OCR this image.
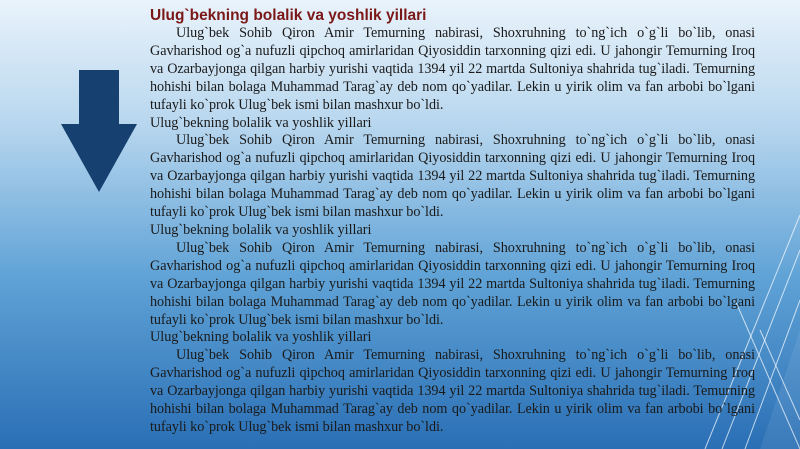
Ulug`bekning bolalik va yoshlik yillari

Ulug`bek Sohib Qiron Amir Temurning nabirasi, Shoxruhning to`ng`ich o`g`li bo`lib, onasi Gavharishod og`a nufuzli qipchoq amirlaridan Qiyosiddin tarxonning qizi edi. U jahongir Temurning Iroq va Ozarbayjonga qilgan harbiy yurishi vaqtida 1394 yil 22 martda Sultoniya shahrida tug`iladi. Temurning hohishi bilan bolaga Muhammad Tarag`ay deb nom qo`yadilar. Lekin u yirik olim va fan arbobi bo`lgani tufayli ko`prok Ulug`bek ismi bilan mashxur bo`ldi.

Ulug`bekning bolalik va yoshlik yillari

Ulug`bek Sohib Qiron Amir Temurning nabirasi, Shoxruhning to`ng`ich o`g`li bo`lib, onasi Gavharishod og`a nufuzli qipchoq amirlaridan Qiyosiddin tarxonning qizi edi. U jahongir Temurning Iroq va Ozarbayjonga qilgan harbiy yurishi vaqtida 1394 yil 22 martda Sultoniya shahrida tug`iladi. Temurning hohishi bilan bolaga Muhammad Tarag`ay deb nom qo`yadilar. Lekin u yirik olim va fan arbobi bo`lgani tufayli ko`prok Ulug`bek ismi bilan mashxur bo`ldi.

Ulug`bekning bolalik va yoshlik yillari

Ulug`bek Sohib Qiron Amir Temurning nabirasi, Shoxruhning to`ng`ich o`g`li bo`lib, onasi Gavharishod og`a nufuzli qipchoq amirlaridan Qiyosiddin tarxonning qizi edi. U jahongir Temurning Iroq va Ozarbayjonga qilgan harbiy yurishi vaqtida 1394 yil 22 martda Sultoniya shahrida tug`iladi. Temurning hohishi bilan bolaga Muhammad Tarag`ay deb nom qo`yadilar. Lekin u yirik olim va fan arbobi bo`lgani tufayli ko`prok Ulug`bek ismi bilan mashxur bo`ldi.

Ulug`bekning bolalik va yoshlik yillari

Ulug`bek Sohib Qiron Amir Temurning nabirasi, Shoxruhning to`ng`ich o`g`li bo`lib, onasi Gavharishod og`a nufuzli qipchoq amirlaridan Qiyosiddin tarxonning qizi edi. U jahongir Temurning Iroq va Ozarbayjonga qilgan harbiy yurishi vaqtida 1394 yil 22 martda Sultoniya shahrida tug`iladi. Temurning hohishi bilan bolaga Muhammad Tarag`ay deb nom qo`yadilar. Lekin u yirik olim va fan arbobi bo`lgani tufayli ko`prok Ulug`bek ismi bilan mashxur bo`ldi.
